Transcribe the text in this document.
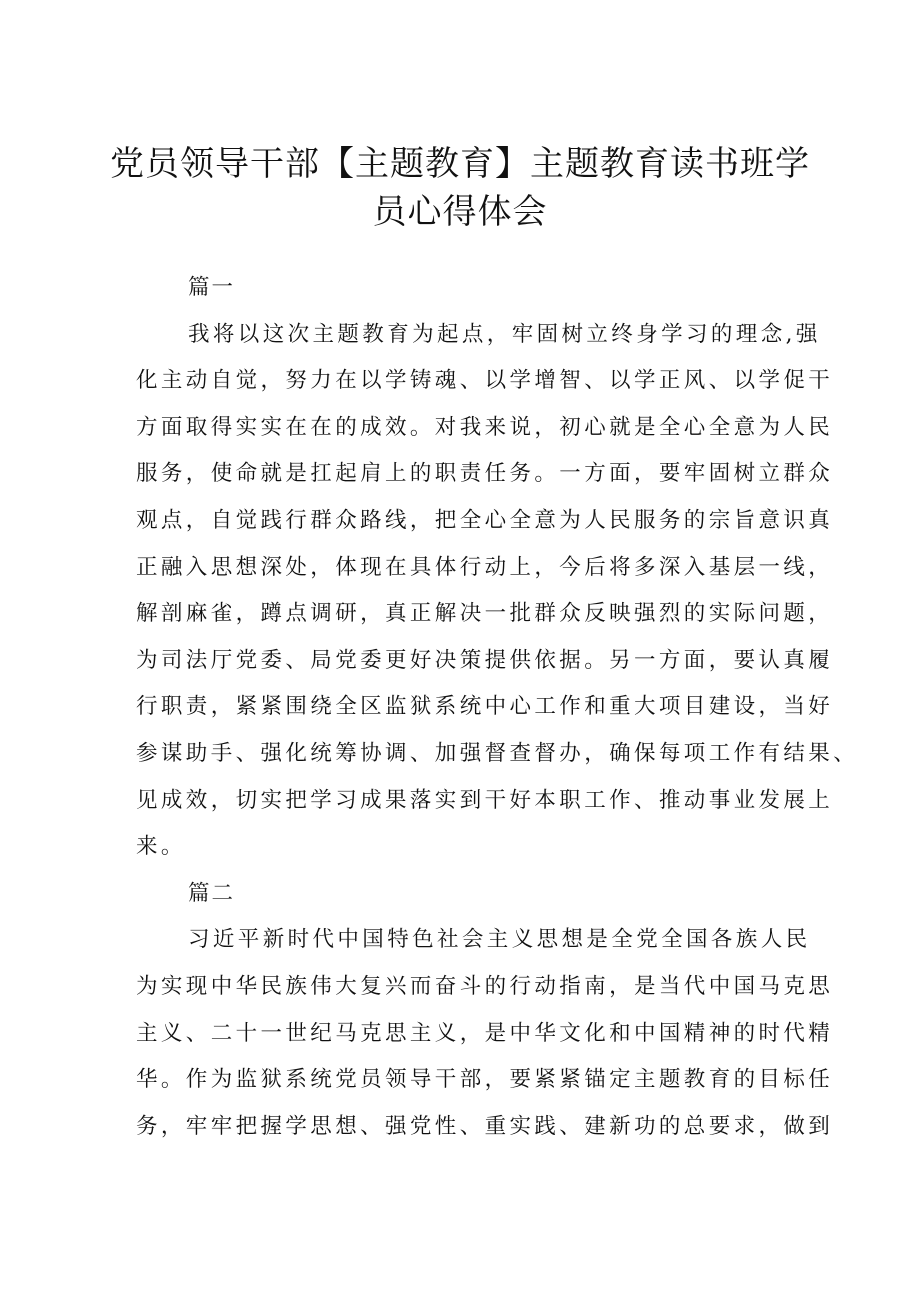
党员领导干部【主题教育】主题教育读书班学
员心得体会
篇一
我将以这次主题教育为起点，牢固树立终身学习的理念,强
化主动自觉，努力在以学铸魂、以学增智、以学正风、以学促干
方面取得实实在在的成效。对我来说，初心就是全心全意为人民
服务，使命就是扛起肩上的职责任务。一方面，要牢固树立群众
观点，自觉践行群众路线，把全心全意为人民服务的宗旨意识真
正融入思想深处，体现在具体行动上，今后将多深入基层一线，
解剖麻雀，蹲点调研，真正解决一批群众反映强烈的实际问题，
为司法厅党委、局党委更好决策提供依据。另一方面，要认真履
行职责，紧紧围绕全区监狱系统中心工作和重大项目建设，当好
参谋助手、强化统筹协调、加强督查督办，确保每项工作有结果、
见成效，切实把学习成果落实到干好本职工作、推动事业发展上
来。
篇二
习近平新时代中国特色社会主义思想是全党全国各族人民
为实现中华民族伟大复兴而奋斗的行动指南，是当代中国马克思
主义、二十一世纪马克思主义，是中华文化和中国精神的时代精
华。作为监狱系统党员领导干部，要紧紧锚定主题教育的目标任
务，牢牢把握学思想、强党性、重实践、建新功的总要求，做到
